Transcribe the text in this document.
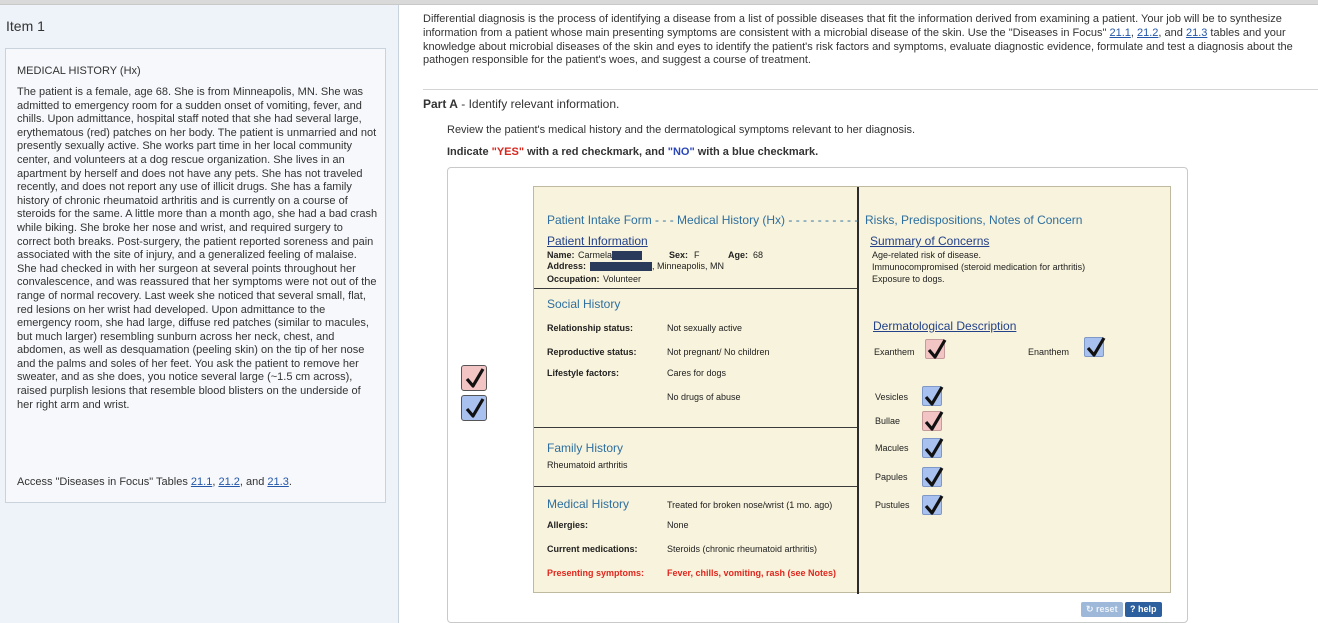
Item 1
MEDICAL HISTORY (Hx)
The patient is a female, age 68. She is from Minneapolis, MN. She was admitted to emergency room for a sudden onset of vomiting, fever, and chills. Upon admittance, hospital staff noted that she had several large, erythematous (red) patches on her body. The patient is unmarried and not presently sexually active. She works part time in her local community center, and volunteers at a dog rescue organization. She lives in an apartment by herself and does not have any pets. She has not traveled recently, and does not report any use of illicit drugs. She has a family history of chronic rheumatoid arthritis and is currently on a course of steroids for the same. A little more than a month ago, she had a bad crash while biking. She broke her nose and wrist, and required surgery to correct both breaks. Post-surgery, the patient reported soreness and pain associated with the site of injury, and a generalized feeling of malaise. She had checked in with her surgeon at several points throughout her convalescence, and was reassured that her symptoms were not out of the range of normal recovery. Last week she noticed that several small, flat, red lesions on her wrist had developed. Upon admittance to the emergency room, she had large, diffuse red patches (similar to macules, but much larger) resembling sunburn across her neck, chest, and abdomen, as well as desquamation (peeling skin) on the tip of her nose and the palms and soles of her feet. You ask the patient to remove her sweater, and as she does, you notice several large (~1.5 cm across), raised purplish lesions that resemble blood blisters on the underside of her right arm and wrist.
Access "Diseases in Focus" Tables 21.1, 21.2, and 21.3.
Differential diagnosis is the process of identifying a disease from a list of possible diseases that fit the information derived from examining a patient. Your job will be to synthesize information from a patient whose main presenting symptoms are consistent with a microbial disease of the skin. Use the "Diseases in Focus" 21.1, 21.2, and 21.3 tables and your knowledge about microbial diseases of the skin and eyes to identify the patient's risk factors and symptoms, evaluate diagnostic evidence, formulate and test a diagnosis about the pathogen responsible for the patient's woes, and suggest a course of treatment.
Part A - Identify relevant information.
Review the patient's medical history and the dermatological symptoms relevant to her diagnosis.
Indicate "YES" with a red checkmark, and "NO" with a blue checkmark.
Patient Intake Form - - - Medical History (Hx) - - - - - - - - - - Risks, Predispositions, Notes of Concern
Patient Information
Name: Carmela	Sex: F	Age: 68
Address:	, Minneapolis, MN
Occupation: Volunteer
Social History
Relationship status:	Not sexually active
Reproductive status:	Not pregnant/ No children
Lifestyle factors:	Cares for dogs
No drugs of abuse
Family History
Rheumatoid arthritis
Medical History	Treated for broken nose/wrist (1 mo. ago)
Allergies:	None
Current medications:	Steroids (chronic rheumatoid arthritis)
Presenting symptoms:	Fever, chills, vomiting, rash (see Notes)
Summary of Concerns
Age-related risk of disease.
Immunocompromised (steroid medication for arthritis)
Exposure to dogs.
Dermatological Description
Exanthem	Enanthem
Vesicles
Bullae
Macules
Papules
Pustules
↻ reset	? help
